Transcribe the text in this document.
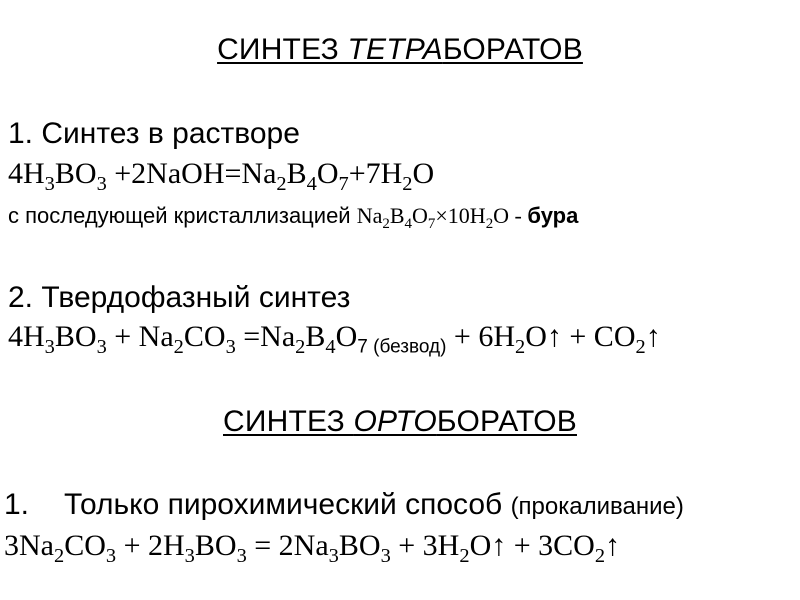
СИНТЕЗ ТЕТРАБОРАТОВ
1. Синтез в растворе
$4H_3BO_3$ $+2NaOH=Na_2B_4O_7+7H_2O$
с последующей кристаллизацией $Na_2B_4O_7\times 10H_2O$ - бура
2. Твердофазный синтез
$4H_3BO_3 + Na_2CO_3 =Na_2B_4O_{7 (безвод)}$ + $6H_2O↑$ + $CO_2↑$
СИНТЕЗ ОРТОБОРАТОВ
1. Только пирохимический способ (прокаливание)
$3Na_2CO_3 + 2H_3BO_3 = 2Na_3BO_3$ + $3H_2O↑$ + $3CO_2↑$
